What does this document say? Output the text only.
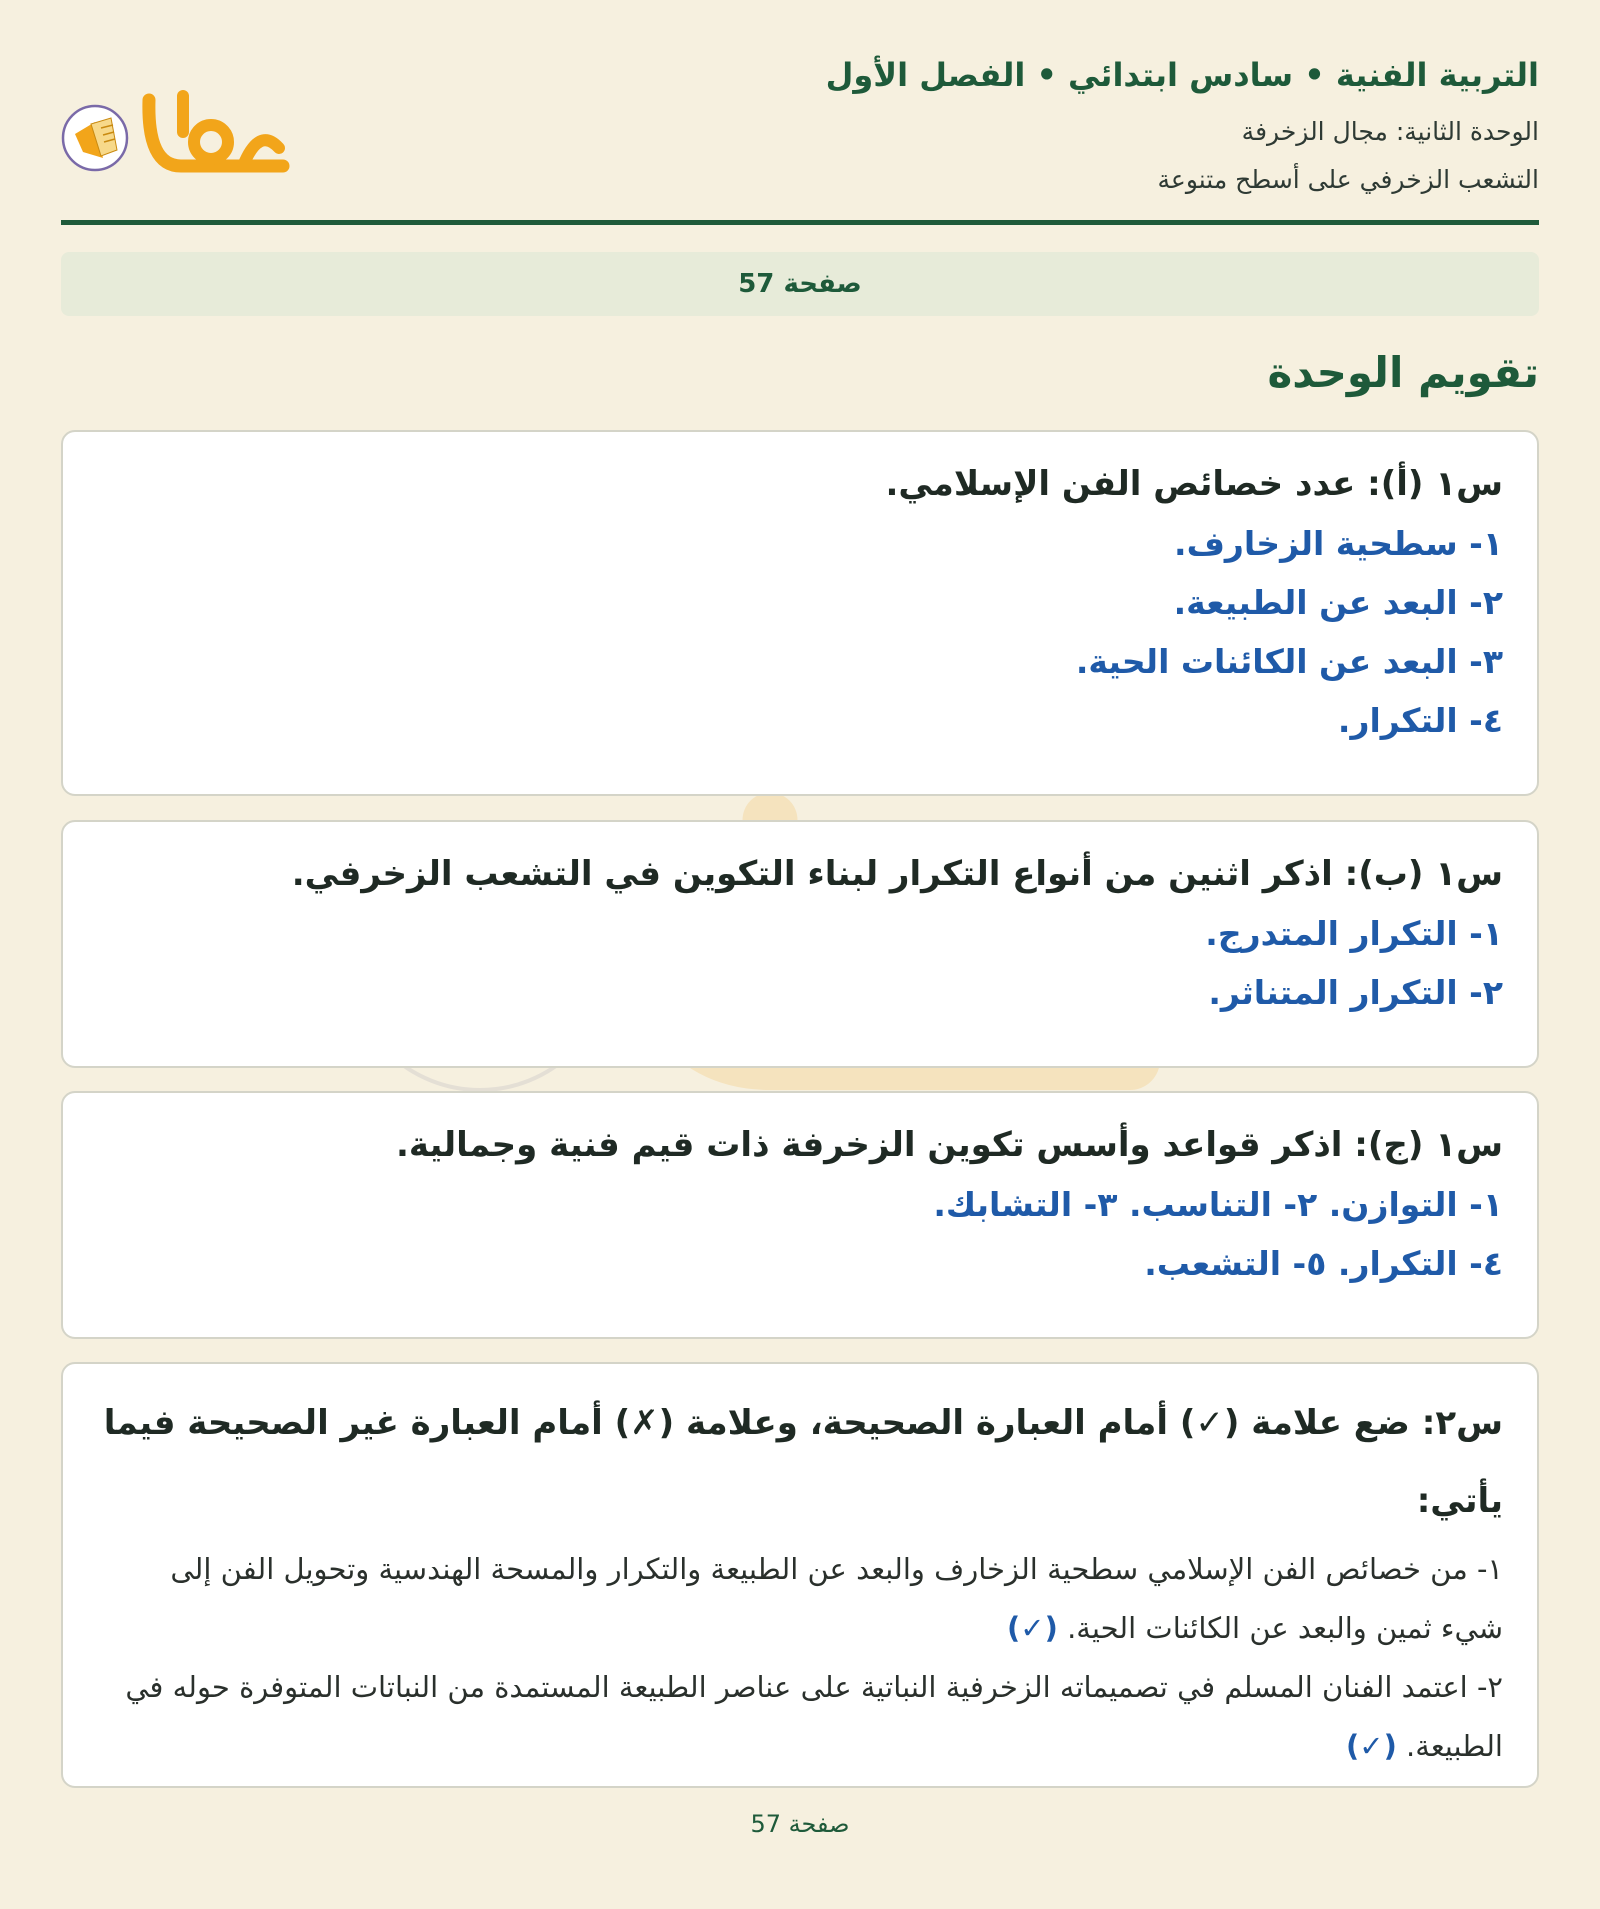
التربية الفنية • سادس ابتدائي • الفصل الأول
الوحدة الثانية: مجال الزخرفة
التشعب الزخرفي على أسطح متنوعة
حلول
صفحة 57
تقويم الوحدة

س١ (أ): عدد خصائص الفن الإسلامي.

١- سطحية الزخارف.

٢- البعد عن الطبيعة.

٣- البعد عن الكائنات الحية.

٤- التكرار.

س١ (ب): اذكر اثنين من أنواع التكرار لبناء التكوين في التشعب الزخرفي.

١- التكرار المتدرج.

٢- التكرار المتناثر.

س١ (ج): اذكر قواعد وأسس تكوين الزخرفة ذات قيم فنية وجمالية.

١- التوازن. ٢- التناسب. ٣- التشابك.

٤- التكرار. ٥- التشعب.

س٢: ضع علامة (✓) أمام العبارة الصحيحة، وعلامة (✗) أمام العبارة غير الصحيحة فيما يأتي:

١- من خصائص الفن الإسلامي سطحية الزخارف والبعد عن الطبيعة والتكرار والمسحة الهندسية وتحويل الفن إلى شيء ثمين والبعد عن الكائنات الحية. (✓)

٢- اعتمد الفنان المسلم في تصميماته الزخرفية النباتية على عناصر الطبيعة المستمدة من النباتات المتوفرة حوله في الطبيعة. (✓)

صفحة 57
